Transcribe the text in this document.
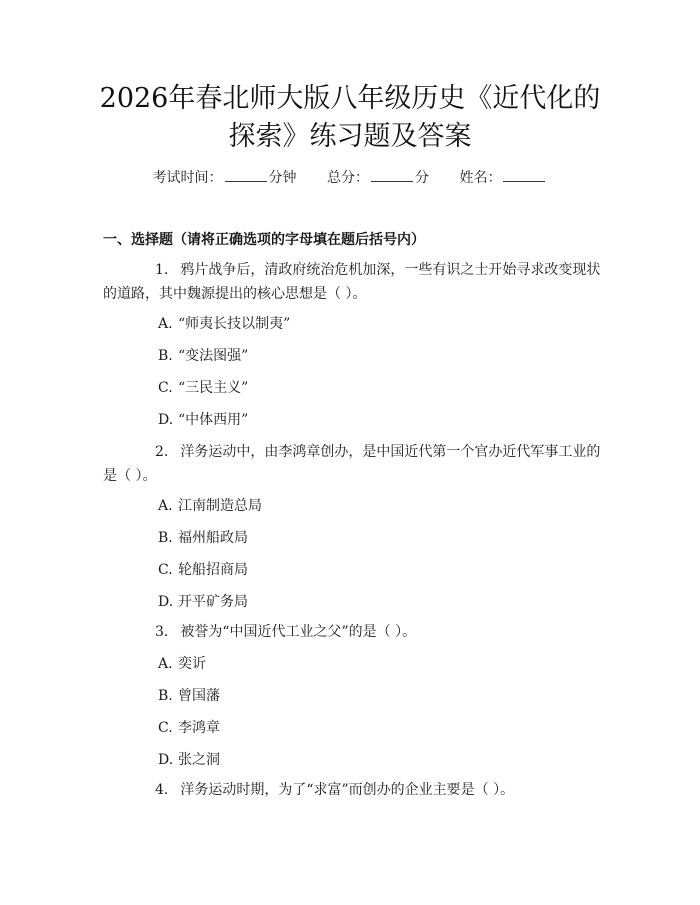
2026年春北师大版八年级历史《近代化的探索》练习题及答案
考试时间：	分钟 总分：	分 姓名：
一、选择题（请将正确选项的字母填在题后括号内）
1. 鸦片战争后，清政府统治危机加深，一些有识之士开始寻求改变现状的道路，其中魏源提出的核心思想是（ ）。
A. “师夷长技以制夷”
B. “变法图强”
C. “三民主义”
D. “中体西用”
2. 洋务运动中，由李鸿章创办，是中国近代第一个官办近代军事工业的是（ ）。
A. 江南制造总局
B. 福州船政局
C. 轮船招商局
D. 开平矿务局
3. 被誉为“中国近代工业之父”的是（ ）。
A. 奕䜣
B. 曾国藩
C. 李鸿章
D. 张之洞
4. 洋务运动时期，为了“求富”而创办的企业主要是（ ）。
